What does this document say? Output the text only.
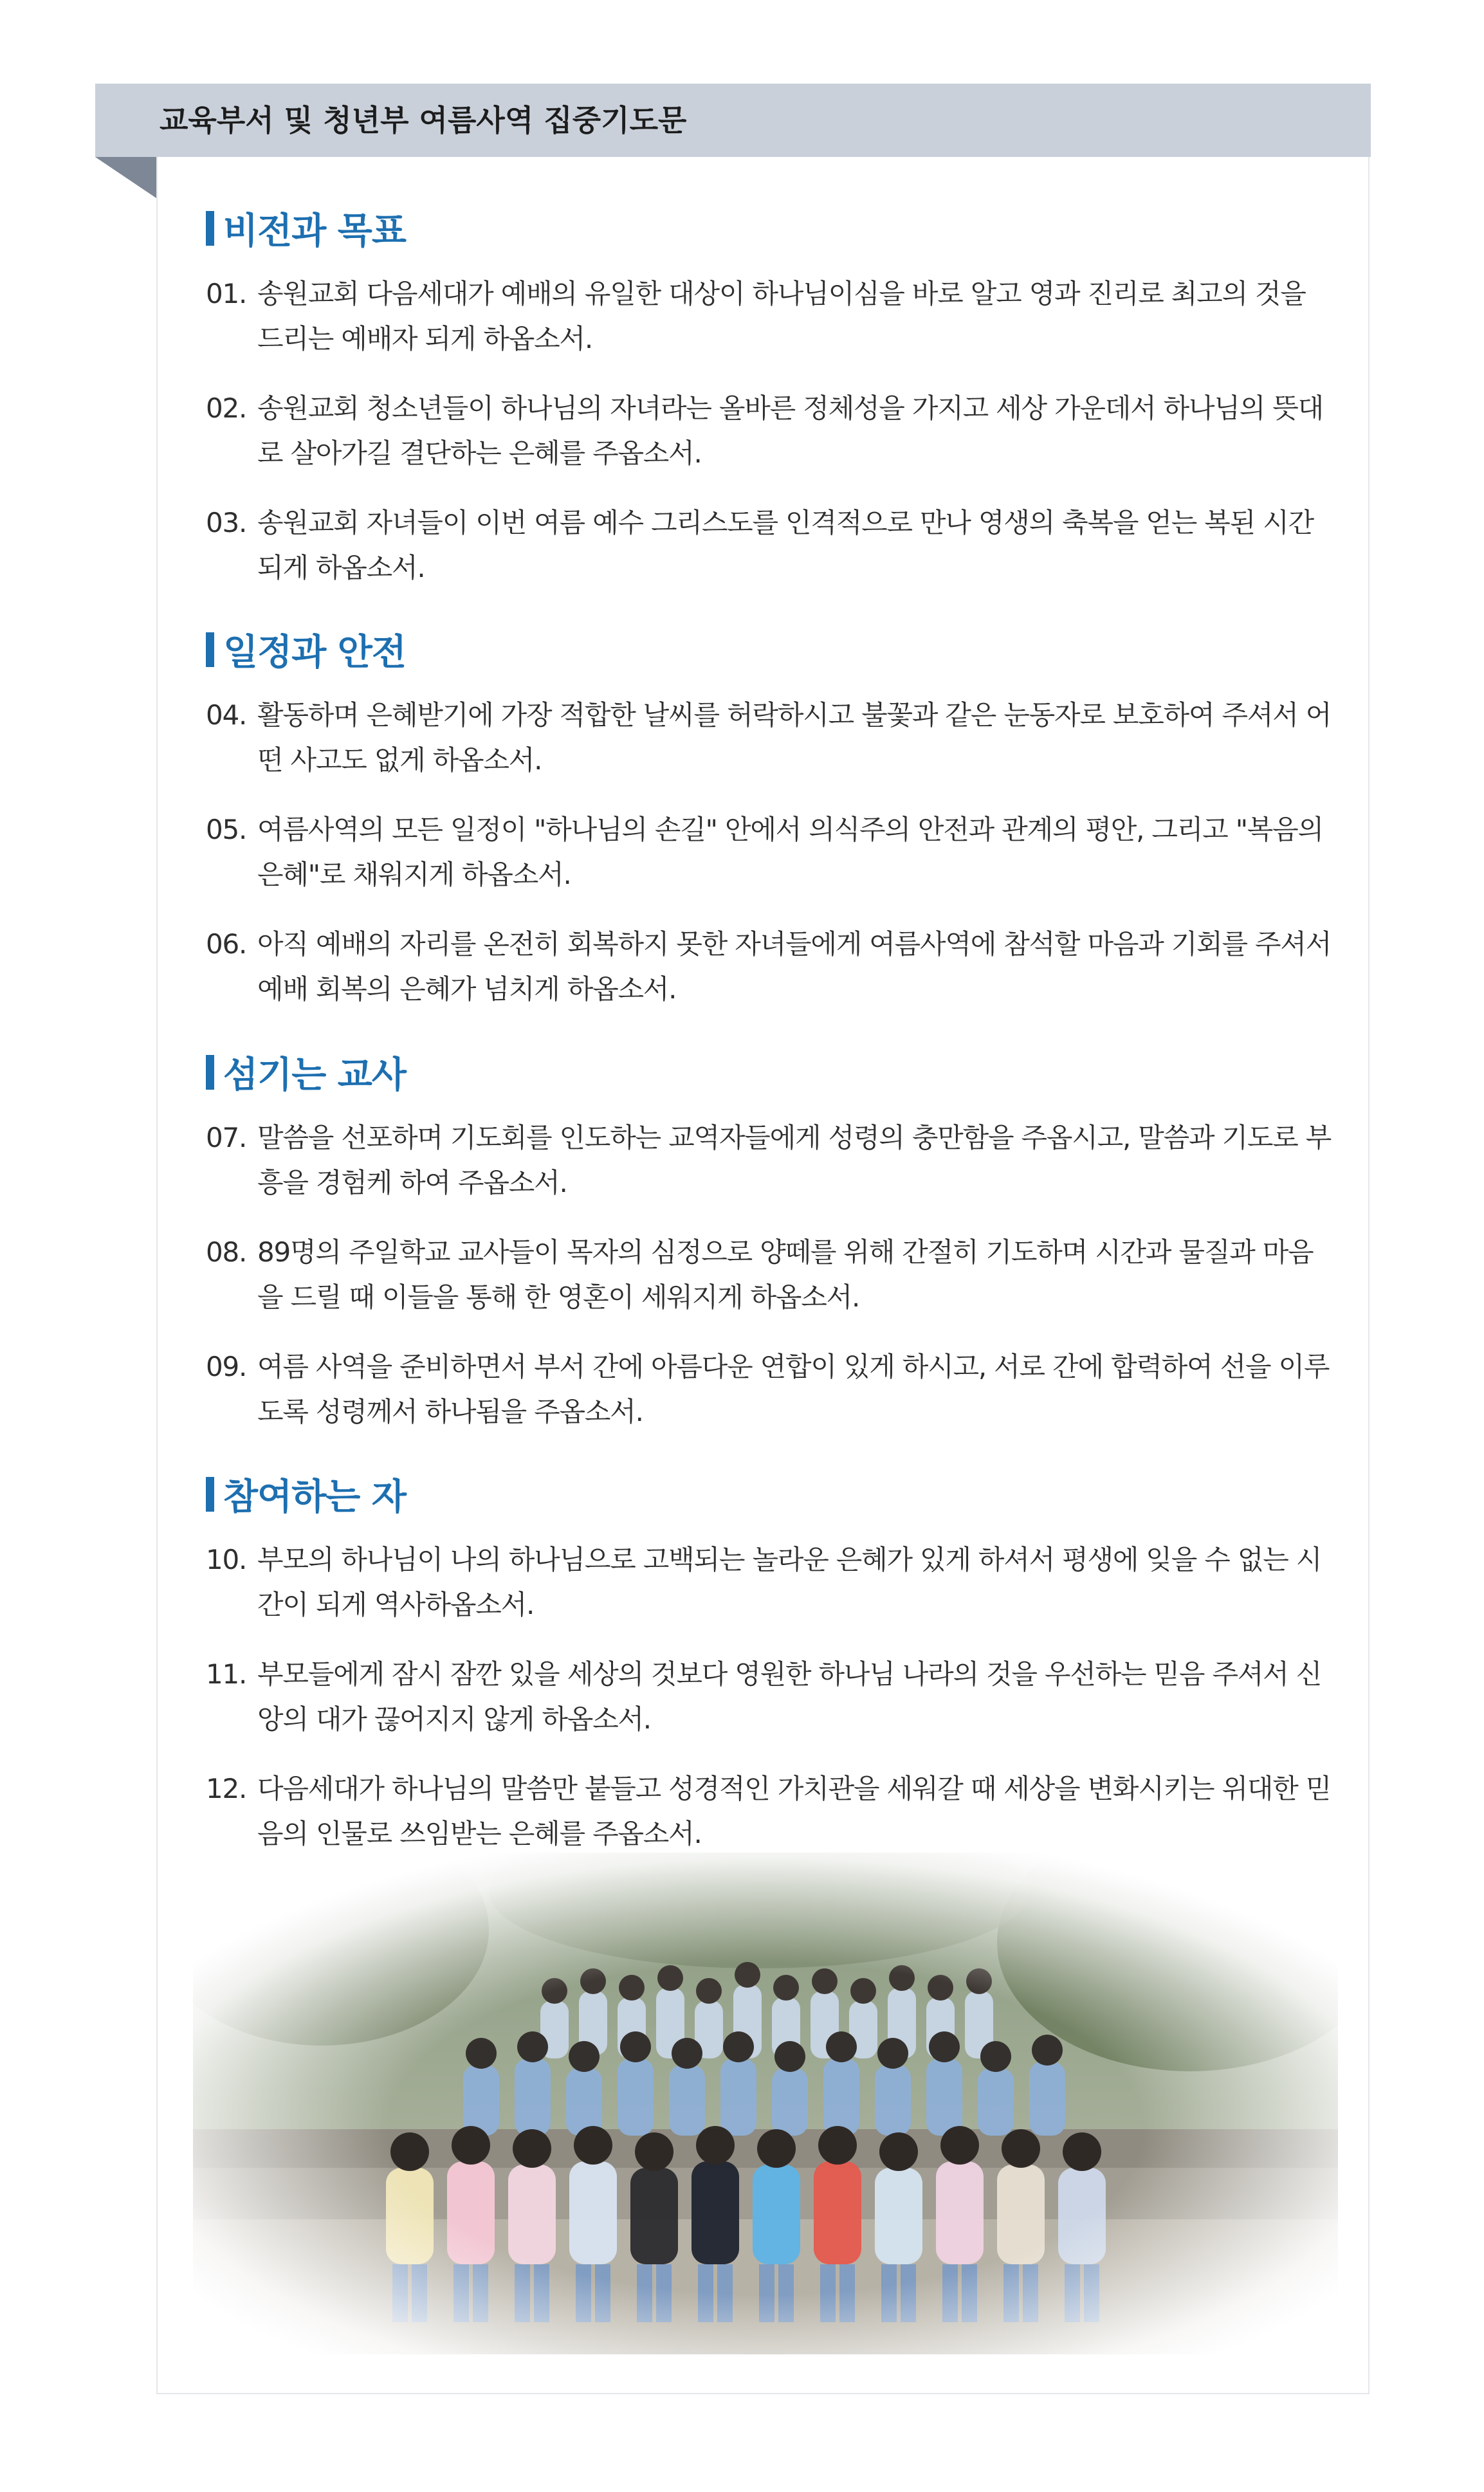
교육부서 및 청년부 여름사역 집중기도문
비전과 목표
01. 송원교회 다음세대가 예배의 유일한 대상이 하나님이심을 바로 알고 영과 진리로 최고의 것을 드리는 예배자 되게 하옵소서.
02. 송원교회 청소년들이 하나님의 자녀라는 올바른 정체성을 가지고 세상 가운데서 하나님의 뜻대로 살아가길 결단하는 은혜를 주옵소서.
03. 송원교회 자녀들이 이번 여름 예수 그리스도를 인격적으로 만나 영생의 축복을 얻는 복된 시간되게 하옵소서.
일정과 안전
04. 활동하며 은혜받기에 가장 적합한 날씨를 허락하시고 불꽃과 같은 눈동자로 보호하여 주셔서 어떤 사고도 없게 하옵소서.
05. 여름사역의 모든 일정이 "하나님의 손길" 안에서 의식주의 안전과 관계의 평안, 그리고 "복음의 은혜"로 채워지게 하옵소서.
06. 아직 예배의 자리를 온전히 회복하지 못한 자녀들에게 여름사역에 참석할 마음과 기회를 주셔서 예배 회복의 은혜가 넘치게 하옵소서.
섬기는 교사
07. 말씀을 선포하며 기도회를 인도하는 교역자들에게 성령의 충만함을 주옵시고, 말씀과 기도로 부흥을 경험케 하여 주옵소서.
08. 89명의 주일학교 교사들이 목자의 심정으로 양떼를 위해 간절히 기도하며 시간과 물질과 마음을 드릴 때 이들을 통해 한 영혼이 세워지게 하옵소서.
09. 여름 사역을 준비하면서 부서 간에 아름다운 연합이 있게 하시고, 서로 간에 합력하여 선을 이루도록 성령께서 하나됨을 주옵소서.
참여하는 자
10. 부모의 하나님이 나의 하나님으로 고백되는 놀라운 은혜가 있게 하셔서 평생에 잊을 수 없는 시간이 되게 역사하옵소서.
11. 부모들에게 잠시 잠깐 있을 세상의 것보다 영원한 하나님 나라의 것을 우선하는 믿음 주셔서 신앙의 대가 끊어지지 않게 하옵소서.
12. 다음세대가 하나님의 말씀만 붙들고 성경적인 가치관을 세워갈 때 세상을 변화시키는 위대한 믿음의 인물로 쓰임받는 은혜를 주옵소서.
